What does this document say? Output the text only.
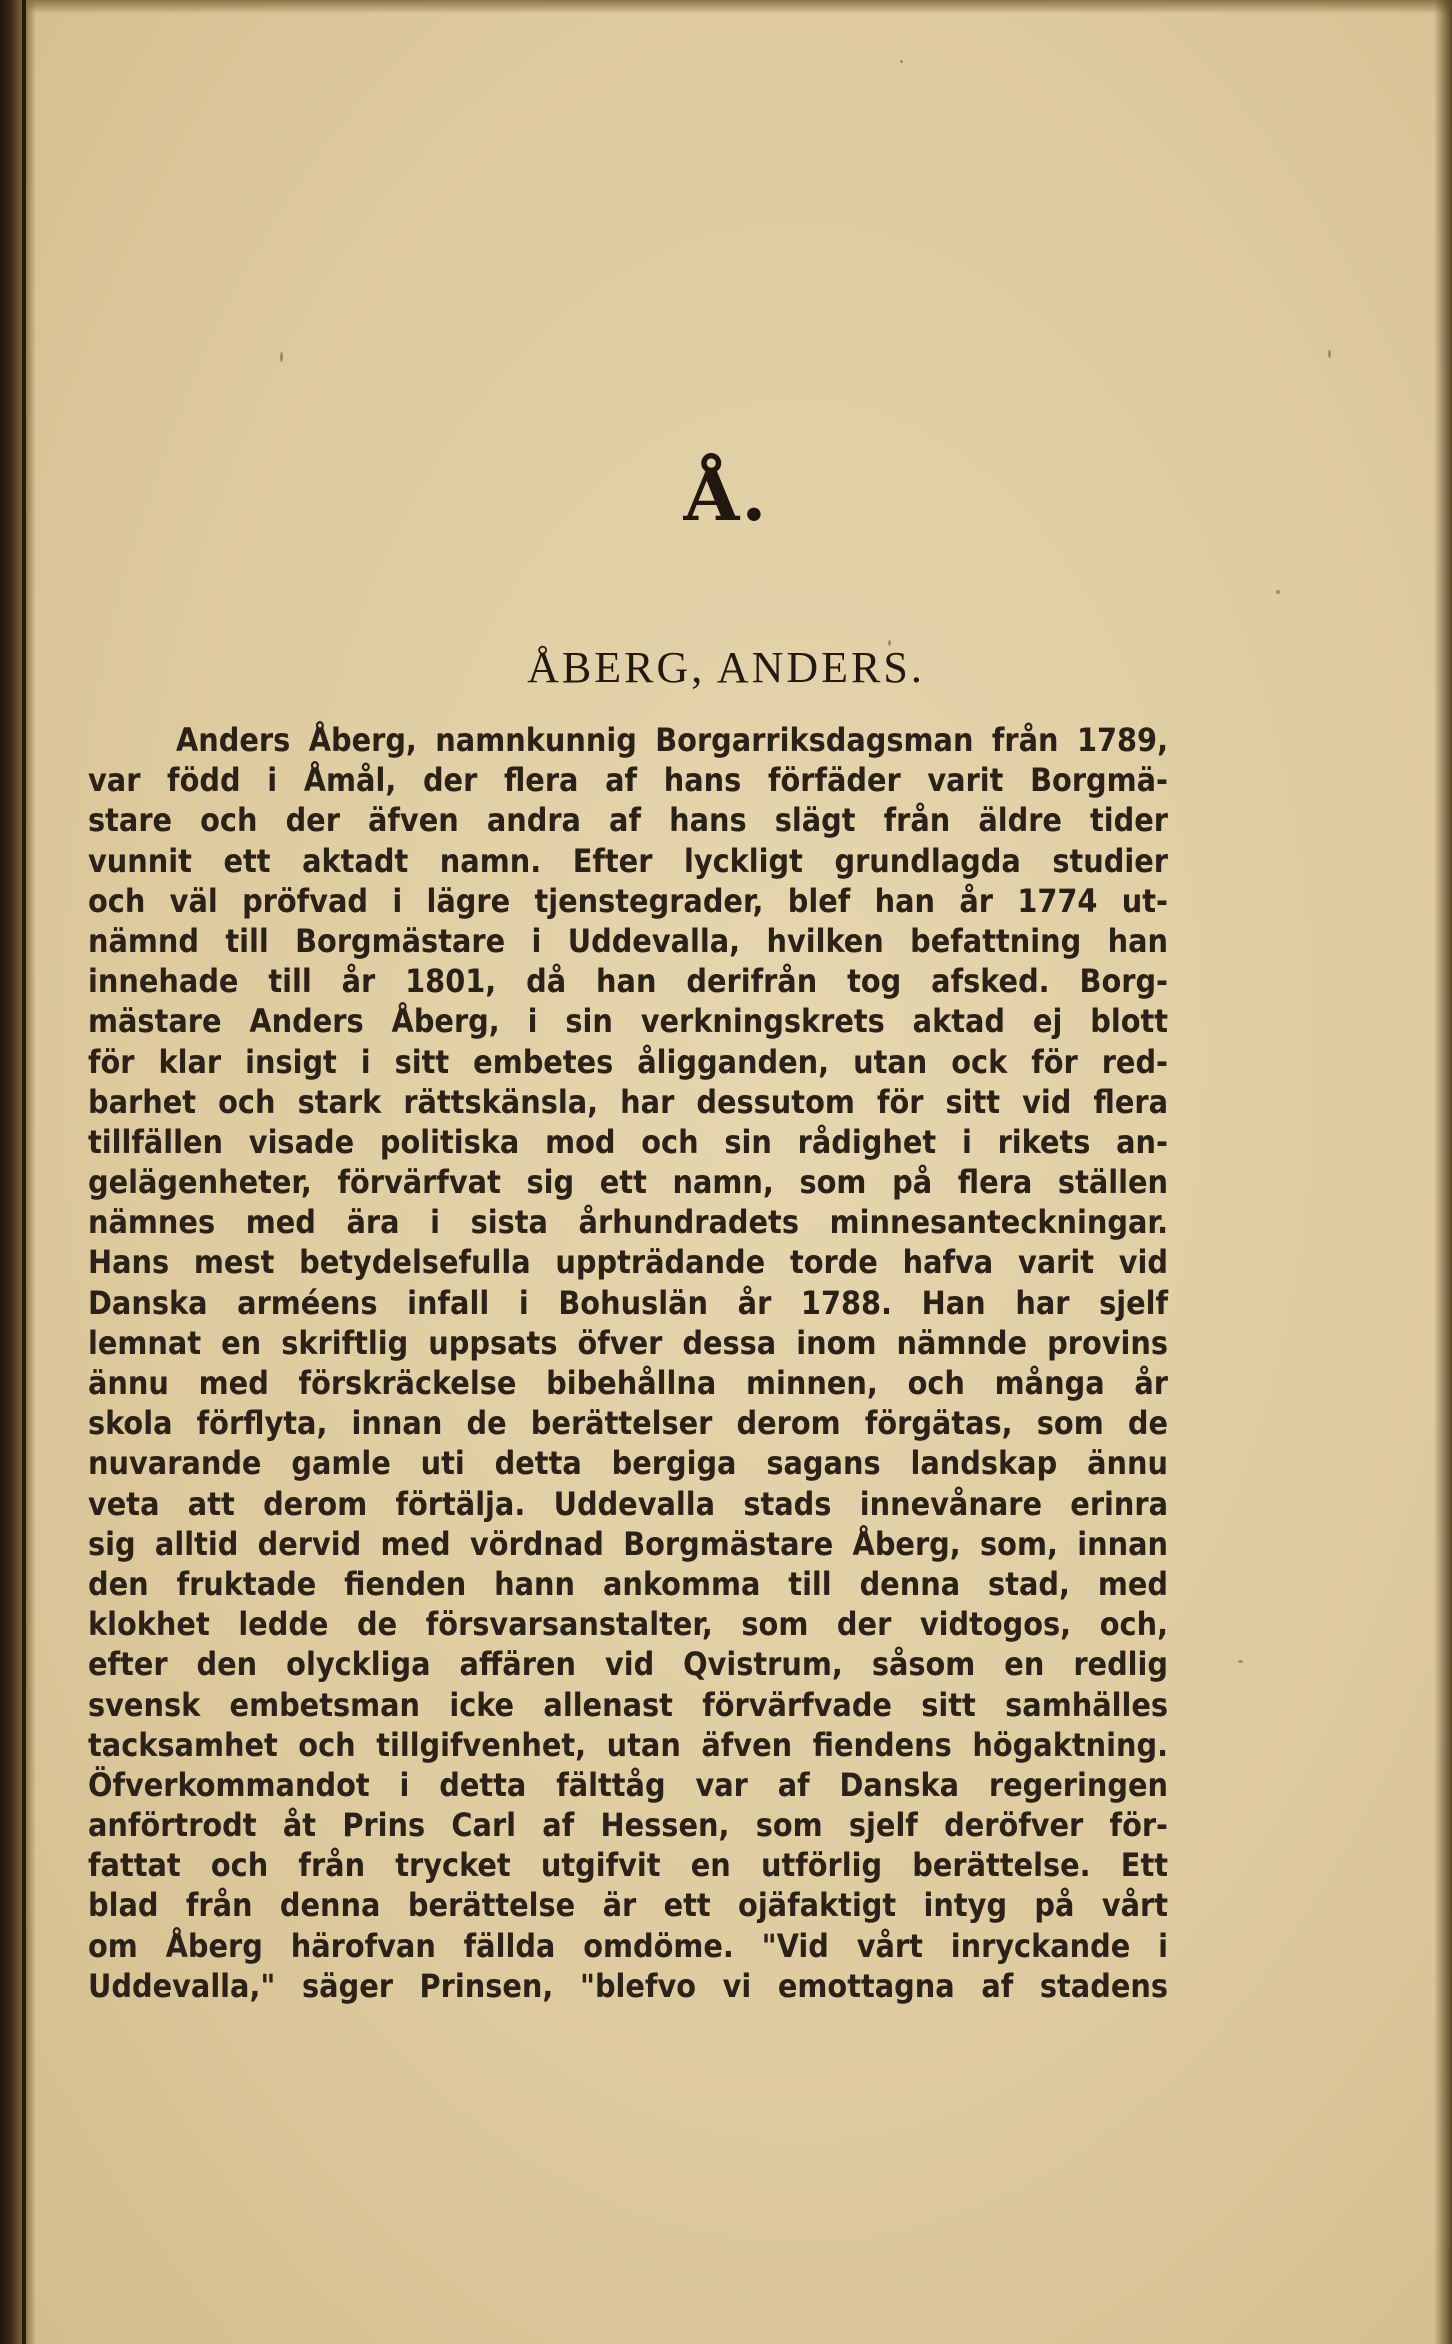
Å.
ÅBERG, ANDERS.
Anders Åberg, namnkunnig Borgarriksdagsman från 1789,
var född i Åmål, der flera af hans förfäder varit Borgmä-
stare och der äfven andra af hans slägt från äldre tider
vunnit ett aktadt namn. Efter lyckligt grundlagda studier
och väl pröfvad i lägre tjenstegrader, blef han år 1774 ut-
nämnd till Borgmästare i Uddevalla, hvilken befattning han
innehade till år 1801, då han derifrån tog afsked. Borg-
mästare Anders Åberg, i sin verkningskrets aktad ej blott
för klar insigt i sitt embetes åligganden, utan ock för red-
barhet och stark rättskänsla, har dessutom för sitt vid flera
tillfällen visade politiska mod och sin rådighet i rikets an-
gelägenheter, förvärfvat sig ett namn, som på flera ställen
nämnes med ära i sista århundradets minnesanteckningar.
Hans mest betydelsefulla uppträdande torde hafva varit vid
Danska arméens infall i Bohuslän år 1788. Han har sjelf
lemnat en skriftlig uppsats öfver dessa inom nämnde provins
ännu med förskräckelse bibehållna minnen, och många år
skola förflyta, innan de berättelser derom förgätas, som de
nuvarande gamle uti detta bergiga sagans landskap ännu
veta att derom förtälja. Uddevalla stads innevånare erinra
sig alltid dervid med vördnad Borgmästare Åberg, som, innan
den fruktade fienden hann ankomma till denna stad, med
klokhet ledde de försvarsanstalter, som der vidtogos, och,
efter den olyckliga affären vid Qvistrum, såsom en redlig
svensk embetsman icke allenast förvärfvade sitt samhälles
tacksamhet och tillgifvenhet, utan äfven fiendens högaktning.
Öfverkommandot i detta fälttåg var af Danska regeringen
anförtrodt åt Prins Carl af Hessen, som sjelf deröfver för-
fattat och från trycket utgifvit en utförlig berättelse. Ett
blad från denna berättelse är ett ojäfaktigt intyg på vårt
om Åberg härofvan fällda omdöme. "Vid vårt inryckande i
Uddevalla," säger Prinsen, "blefvo vi emottagna af stadens
